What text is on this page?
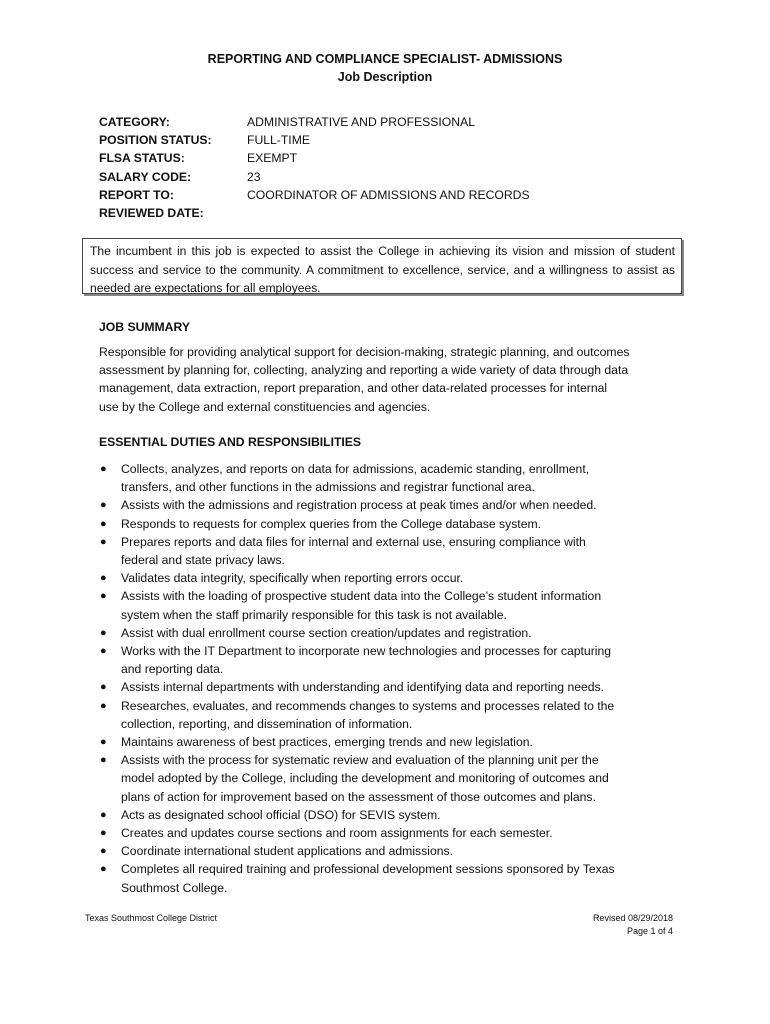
REPORTING AND COMPLIANCE SPECIALIST- ADMISSIONS
Job Description
CATEGORY:	ADMINISTRATIVE AND PROFESSIONAL
POSITION STATUS:	FULL-TIME
FLSA STATUS:	EXEMPT
SALARY CODE:	23
REPORT TO:	COORDINATOR OF ADMISSIONS AND RECORDS
REVIEWED DATE:
The incumbent in this job is expected to assist the College in achieving its vision and mission of student success and service to the community. A commitment to excellence, service, and a willingness to assist as needed are expectations for all employees.
JOB SUMMARY
Responsible for providing analytical support for decision-making, strategic planning, and outcomes
assessment by planning for, collecting, analyzing and reporting a wide variety of data through data
management, data extraction, report preparation, and other data-related processes for internal
use by the College and external constituencies and agencies.
ESSENTIAL DUTIES AND RESPONSIBILITIES
● Collects, analyzes, and reports on data for admissions, academic standing, enrollment,
transfers, and other functions in the admissions and registrar functional area.
● Assists with the admissions and registration process at peak times and/or when needed.
● Responds to requests for complex queries from the College database system.
● Prepares reports and data files for internal and external use, ensuring compliance with
federal and state privacy laws.
● Validates data integrity, specifically when reporting errors occur.
● Assists with the loading of prospective student data into the College’s student information
system when the staff primarily responsible for this task is not available.
● Assist with dual enrollment course section creation/updates and registration.
● Works with the IT Department to incorporate new technologies and processes for capturing
and reporting data.
● Assists internal departments with understanding and identifying data and reporting needs.
● Researches, evaluates, and recommends changes to systems and processes related to the
collection, reporting, and dissemination of information.
● Maintains awareness of best practices, emerging trends and new legislation.
● Assists with the process for systematic review and evaluation of the planning unit per the
model adopted by the College, including the development and monitoring of outcomes and
plans of action for improvement based on the assessment of those outcomes and plans.
● Acts as designated school official (DSO) for SEVIS system.
● Creates and updates course sections and room assignments for each semester.
● Coordinate international student applications and admissions.
● Completes all required training and professional development sessions sponsored by Texas
Southmost College.
Texas Southmost College District	Revised 08/29/2018
Page 1 of 4
